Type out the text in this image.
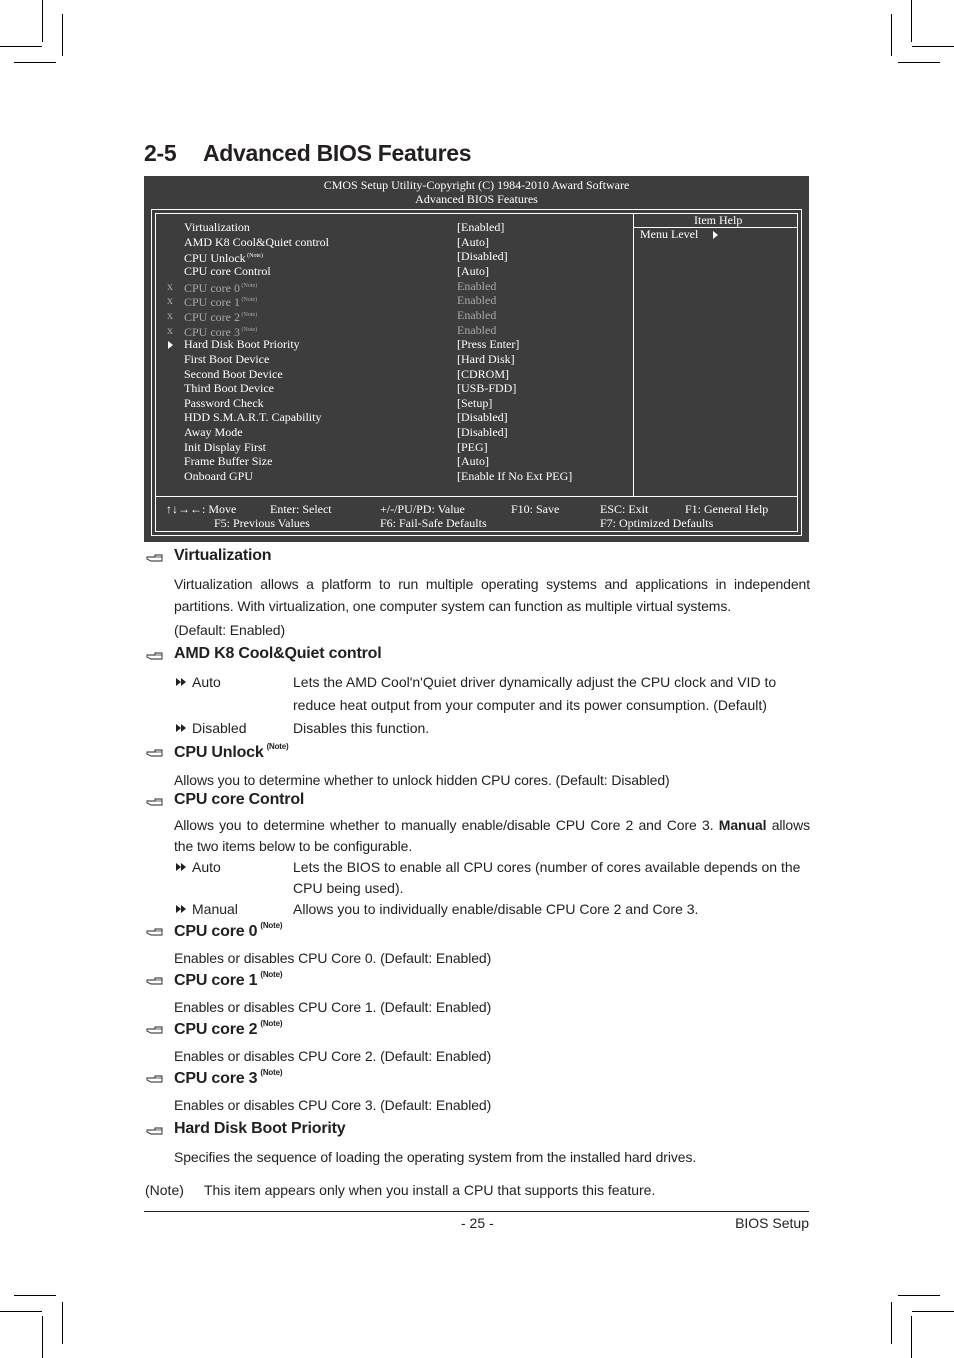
2-5 Advanced BIOS Features
CMOS Setup Utility-Copyright (C) 1984-2010 Award Software
Advanced BIOS Features
Virtualization	[Enabled]
AMD K8 Cool&Quiet control	[Auto]
CPU Unlock $^{(Note)}$	[Disabled]
CPU core Control	[Auto]
x CPU core 0 $^{(Note)}$	Enabled
x CPU core 1 $^{(Note)}$	Enabled
x CPU core 2 $^{(Note)}$	Enabled
x CPU core 3 $^{(Note)}$	Enabled
Hard Disk Boot Priority	[Press Enter]
First Boot Device	[Hard Disk]
Second Boot Device	[CDROM]
Third Boot Device	[USB-FDD]
Password Check	[Setup]
HDD S.M.A.R.T. Capability	[Disabled]
Away Mode	[Disabled]
Init Display First	[PEG]
Frame Buffer Size	[Auto]
Onboard GPU	[Enable If No Ext PEG]
Item Help
Menu Level
↑↓→←: Move	Enter: Select	+/-/PU/PD: Value	F10: Save	ESC: Exit	F1: General Help
F5: Previous Values	F6: Fail-Safe Defaults	F7: Optimized Defaults
Virtualization
Virtualization allows a platform to run multiple operating systems and applications in independent partitions. With virtualization, one computer system can function as multiple virtual systems.
(Default: Enabled)
AMD K8 Cool&Quiet control
Auto	Lets the AMD Cool'n'Quiet driver dynamically adjust the CPU clock and VID to
reduce heat output from your computer and its power consumption. (Default)
Disabled	Disables this function.
CPU Unlock $^{(Note)}$
Allows you to determine whether to unlock hidden CPU cores. (Default: Disabled)
CPU core Control
Allows you to determine whether to manually enable/disable CPU Core 2 and Core 3. Manual allows the two items below to be configurable.
Auto	Lets the BIOS to enable all CPU cores (number of cores available depends on the
CPU being used).
Manual	Allows you to individually enable/disable CPU Core 2 and Core 3.
CPU core 0 $^{(Note)}$
Enables or disables CPU Core 0. (Default: Enabled)
CPU core 1 $^{(Note)}$
Enables or disables CPU Core 1. (Default: Enabled)
CPU core 2 $^{(Note)}$
Enables or disables CPU Core 2. (Default: Enabled)
CPU core 3 $^{(Note)}$
Enables or disables CPU Core 3. (Default: Enabled)
Hard Disk Boot Priority
Specifies the sequence of loading the operating system from the installed hard drives.
(Note) This item appears only when you install a CPU that supports this feature.
- 25 -	BIOS Setup
